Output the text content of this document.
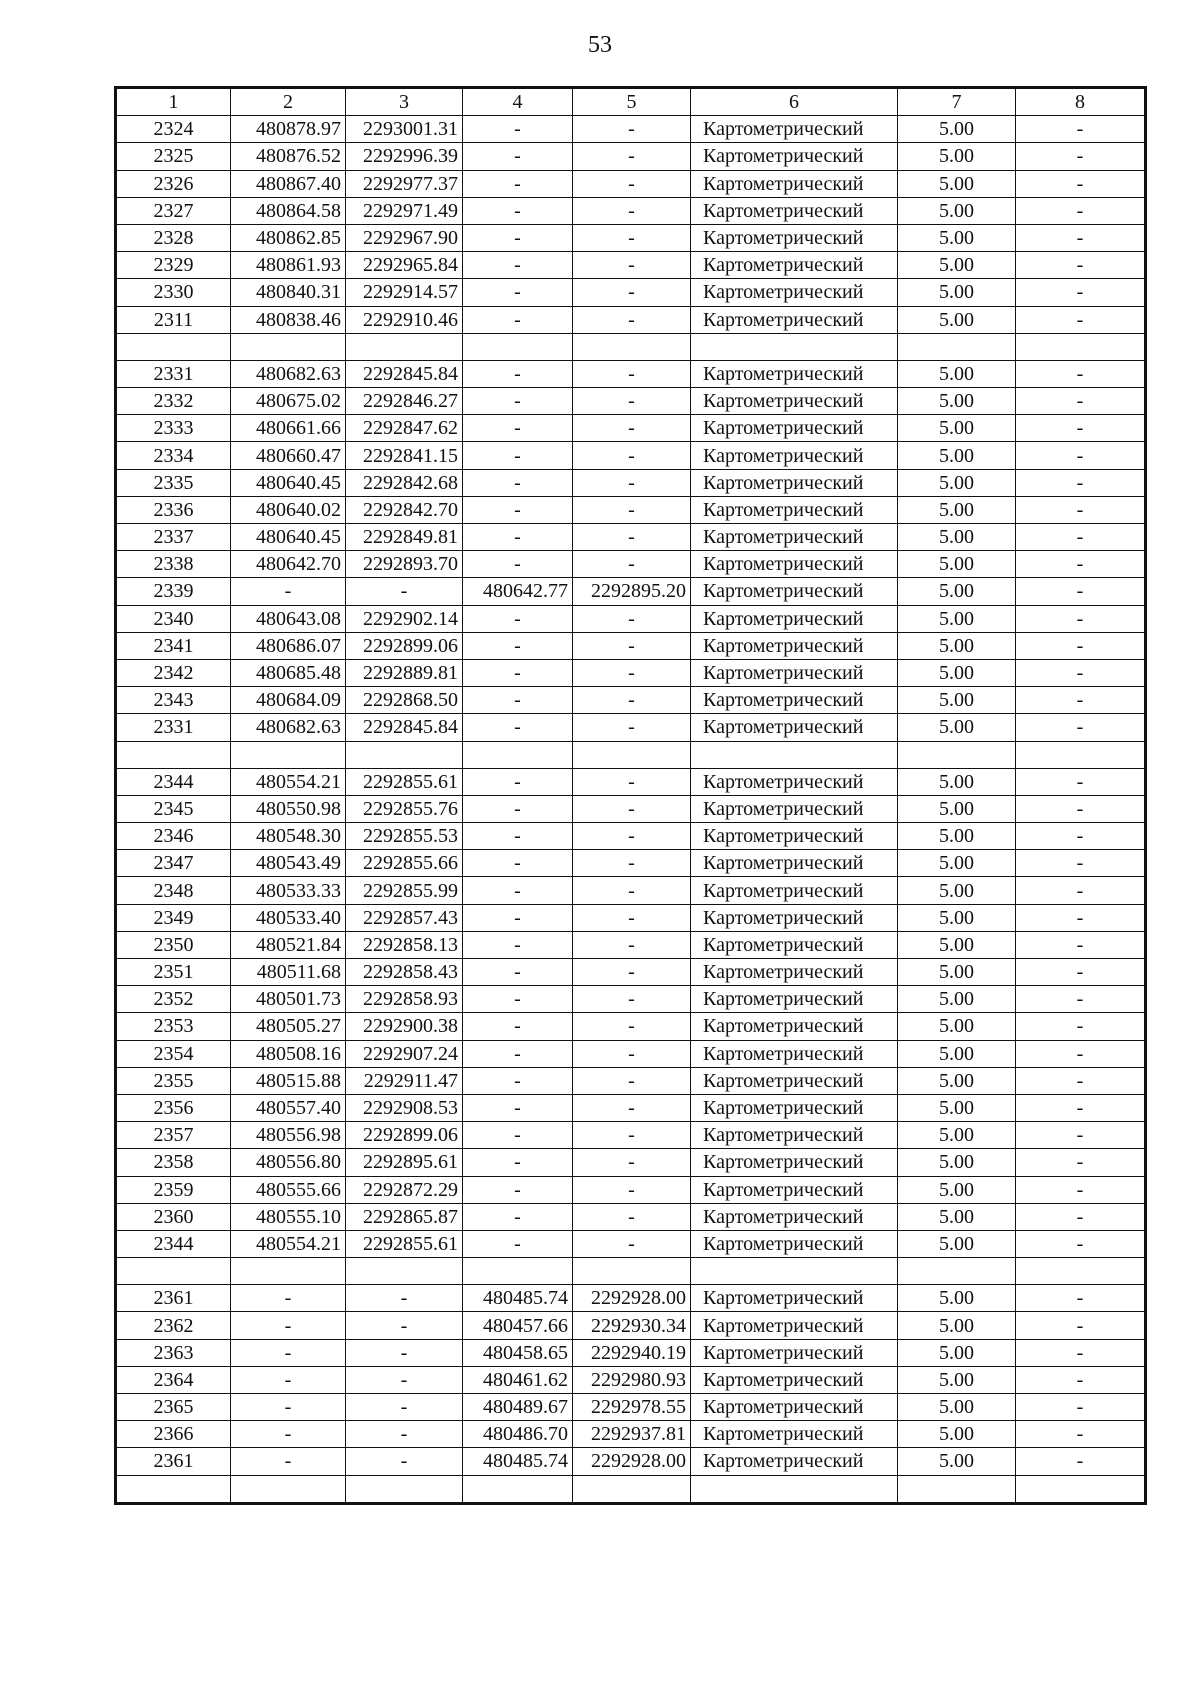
53
1	2	3	4	5	6	7	8
2324	480878.97	2293001.31	-	-	Картометрический	5.00	-
2325	480876.52	2292996.39	-	-	Картометрический	5.00	-
2326	480867.40	2292977.37	-	-	Картометрический	5.00	-
2327	480864.58	2292971.49	-	-	Картометрический	5.00	-
2328	480862.85	2292967.90	-	-	Картометрический	5.00	-
2329	480861.93	2292965.84	-	-	Картометрический	5.00	-
2330	480840.31	2292914.57	-	-	Картометрический	5.00	-
2311	480838.46	2292910.46	-	-	Картометрический	5.00	-

2331	480682.63	2292845.84	-	-	Картометрический	5.00	-
2332	480675.02	2292846.27	-	-	Картометрический	5.00	-
2333	480661.66	2292847.62	-	-	Картометрический	5.00	-
2334	480660.47	2292841.15	-	-	Картометрический	5.00	-
2335	480640.45	2292842.68	-	-	Картометрический	5.00	-
2336	480640.02	2292842.70	-	-	Картометрический	5.00	-
2337	480640.45	2292849.81	-	-	Картометрический	5.00	-
2338	480642.70	2292893.70	-	-	Картометрический	5.00	-
2339	-	-	480642.77	2292895.20	Картометрический	5.00	-
2340	480643.08	2292902.14	-	-	Картометрический	5.00	-
2341	480686.07	2292899.06	-	-	Картометрический	5.00	-
2342	480685.48	2292889.81	-	-	Картометрический	5.00	-
2343	480684.09	2292868.50	-	-	Картометрический	5.00	-
2331	480682.63	2292845.84	-	-	Картометрический	5.00	-

2344	480554.21	2292855.61	-	-	Картометрический	5.00	-
2345	480550.98	2292855.76	-	-	Картометрический	5.00	-
2346	480548.30	2292855.53	-	-	Картометрический	5.00	-
2347	480543.49	2292855.66	-	-	Картометрический	5.00	-
2348	480533.33	2292855.99	-	-	Картометрический	5.00	-
2349	480533.40	2292857.43	-	-	Картометрический	5.00	-
2350	480521.84	2292858.13	-	-	Картометрический	5.00	-
2351	480511.68	2292858.43	-	-	Картометрический	5.00	-
2352	480501.73	2292858.93	-	-	Картометрический	5.00	-
2353	480505.27	2292900.38	-	-	Картометрический	5.00	-
2354	480508.16	2292907.24	-	-	Картометрический	5.00	-
2355	480515.88	2292911.47	-	-	Картометрический	5.00	-
2356	480557.40	2292908.53	-	-	Картометрический	5.00	-
2357	480556.98	2292899.06	-	-	Картометрический	5.00	-
2358	480556.80	2292895.61	-	-	Картометрический	5.00	-
2359	480555.66	2292872.29	-	-	Картометрический	5.00	-
2360	480555.10	2292865.87	-	-	Картометрический	5.00	-
2344	480554.21	2292855.61	-	-	Картометрический	5.00	-

2361	-	-	480485.74	2292928.00	Картометрический	5.00	-
2362	-	-	480457.66	2292930.34	Картометрический	5.00	-
2363	-	-	480458.65	2292940.19	Картометрический	5.00	-
2364	-	-	480461.62	2292980.93	Картометрический	5.00	-
2365	-	-	480489.67	2292978.55	Картометрический	5.00	-
2366	-	-	480486.70	2292937.81	Картометрический	5.00	-
2361	-	-	480485.74	2292928.00	Картометрический	5.00	-
